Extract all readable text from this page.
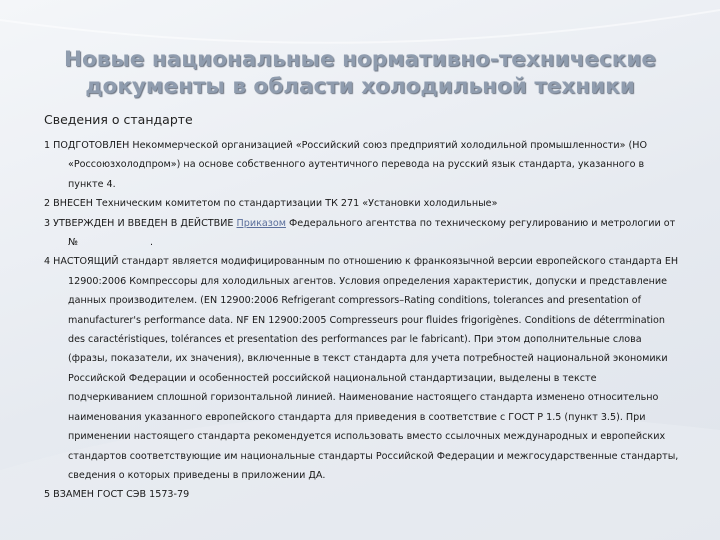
Новые национальные нормативно-технические
документы в области холодильной техники
Сведения о стандарте
1 ПОДГОТОВЛЕН Некоммерческой организацией «Российский союз предприятий холодильной промышленности» (НО
«Россоюзхолодпром») на основе собственного аутентичного перевода на русский язык стандарта, указанного в
пункте 4.
2 ВНЕСЕН Техническим комитетом по стандартизации ТК 271 «Установки холодильные»
3 УТВЕРЖДЕН И ВВЕДЕН В ДЕЙСТВИЕ Приказом Федерального агентства по техническому регулированию и метрологии от
№	.
4 НАСТОЯЩИЙ стандарт является модифицированным по отношению к франкоязычной версии европейского стандарта ЕН
12900:2006 Компрессоры для холодильных агентов. Условия определения характеристик, допуски и представление
данных производителем. (EN 12900:2006 Refrigerant compressors–Rating conditions, tolerances and presentation of
manufacturer's performance data. NF EN 12900:2005 Compresseurs pour fluides frigorigènes. Conditions de déterrmination
des caractéristiques, tolérances et presentation des performances par le fabricant). При этом дополнительные слова
(фразы, показатели, их значения), включенные в текст стандарта для учета потребностей национальной экономики
Российской Федерации и особенностей российской национальной стандартизации, выделены в тексте
подчеркиванием сплошной горизонтальной линией. Наименование настоящего стандарта изменено относительно
наименования указанного европейского стандарта для приведения в соответствие с ГОСТ Р 1.5 (пункт 3.5). При
применении настоящего стандарта рекомендуется использовать вместо ссылочных международных и европейских
стандартов соответствующие им национальные стандарты Российской Федерации и межгосударственные стандарты,
сведения о которых приведены в приложении ДА.
5 ВЗАМЕН ГОСТ СЭВ 1573-79
